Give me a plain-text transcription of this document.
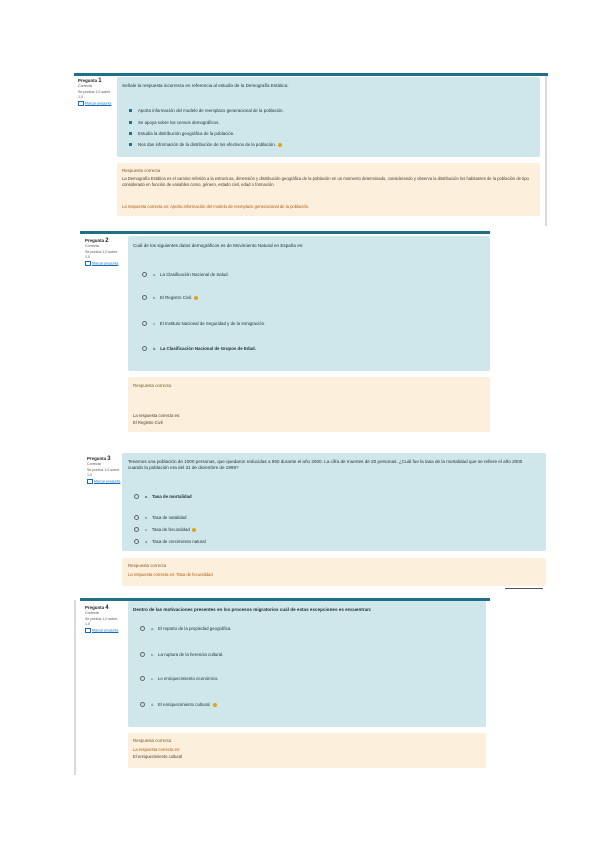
Pregunta 1
Correcta
Se puntúa 1,0 sobre 1,0
Marcar pregunta
Señale la respuesta incorrecta en referencia al estudio de la Demografía Estática:
Aporta información del modelo de reemplazo generacional de la población.
Se apoya sobre los censos demográficos.
Estudia la distribución geográfica de la población.
Nos dan información de la distribución de los efectivos de la población.
Respuesta correcta
La Demografía Estática es el camino referido a la estructura, dimensión y distribución geográfica de la población en un momento determinado, considerando y observa la distribución los habitantes de la población de tipo considerado en función de variables como, género, estado civil, edad o formación.
La respuesta correcta es: Aporta información del modelo de reemplazo generacional de la población.
Pregunta 2
Correcta
Se puntúa 1,0 sobre 1,0
Marcar pregunta
Cuál de los siguientes datos demográficos es de Movimiento Natural en España es:
a. La Clasificación Nacional de Salud.
b. El Registro Civil.
c. El Instituto Nacional de Seguridad y de la Inmigración.
d. La Clasificación Nacional de Grupos de Edad.
Respuesta correcta
La respuesta correcta es:
El Registro Civil
Pregunta 3
Correcta
Se puntúa 1,0 sobre 1,0
Marcar pregunta
Tenemos una población de 1000 personas, que quedaron reducidas a 950 durante el año 2000. La cifra de muertes de 20 personas. ¿Cuál fue la tasa de la mortalidad que se refiere el año 2000 cuando la población era del 31 de diciembre de 1999?
a. Tasa de mortalidad
b. Tasa de natalidad
c. Tasa de fecundidad
d. Tasa de crecimiento natural
Respuesta correcta
La respuesta correcta es: Tasa de fecundidad
Pregunta 4
Correcta
Se puntúa 1,0 sobre 1,0
Marcar pregunta
Dentro de las motivaciones presentes en los procesos migratorios cuál de estas excepciones es encuentran:
a. El reparto de la propiedad geográfica.
b. La ruptura de la herencia cultural.
c. Lo enriquecimiento económico.
d. El enriquecimiento cultural.
Respuesta correcta
La respuesta correcta es:
El enriquecimiento cultural
